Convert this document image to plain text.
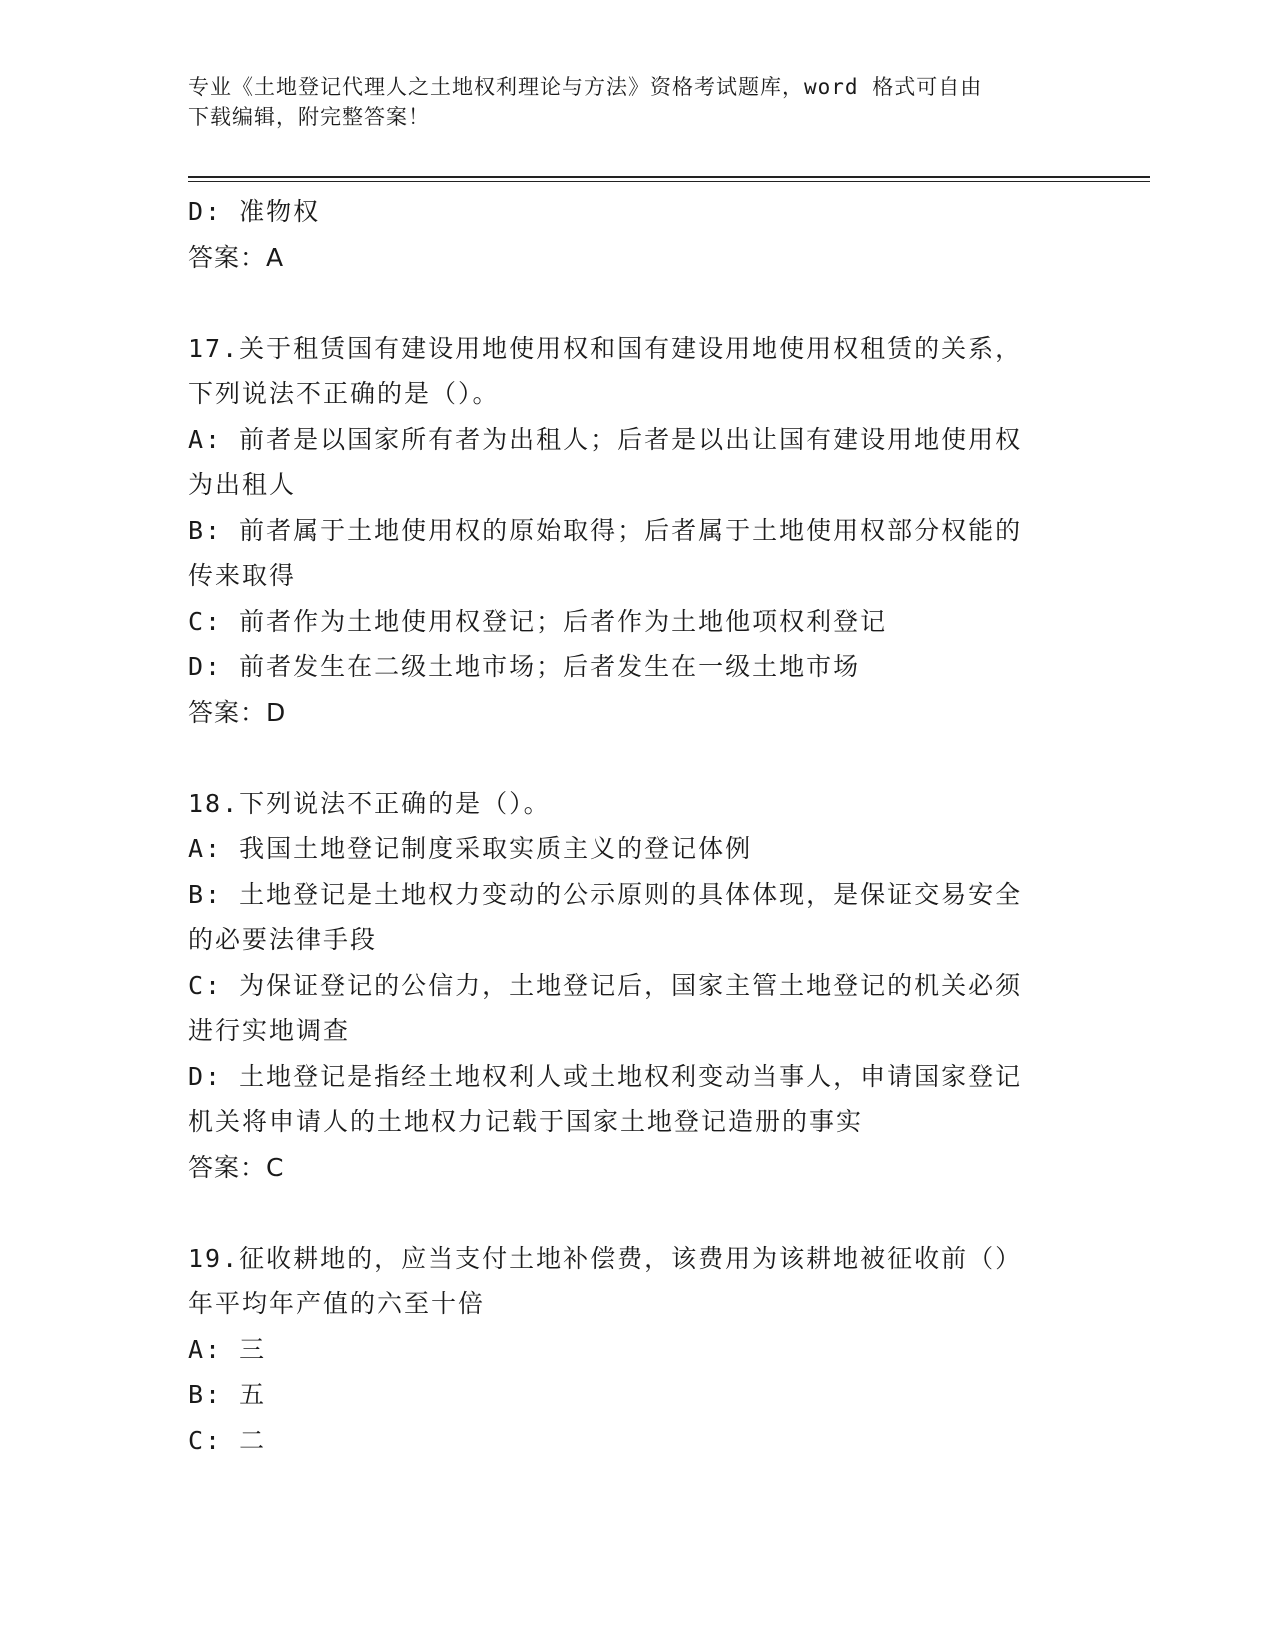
专业《土地登记代理人之土地权利理论与方法》资格考试题库，word 格式可自由
下载编辑，附完整答案！
D: 准物权
答案：A
17.关于租赁国有建设用地使用权和国有建设用地使用权租赁的关系，
下列说法不正确的是（）。
A: 前者是以国家所有者为出租人；后者是以出让国有建设用地使用权
为出租人
B: 前者属于土地使用权的原始取得；后者属于土地使用权部分权能的
传来取得
C: 前者作为土地使用权登记；后者作为土地他项权利登记
D: 前者发生在二级土地市场；后者发生在一级土地市场
答案：D
18.下列说法不正确的是（）。
A: 我国土地登记制度采取实质主义的登记体例
B: 土地登记是土地权力变动的公示原则的具体体现，是保证交易安全
的必要法律手段
C: 为保证登记的公信力，土地登记后，国家主管土地登记的机关必须
进行实地调查
D: 土地登记是指经土地权利人或土地权利变动当事人，申请国家登记
机关将申请人的土地权力记载于国家土地登记造册的事实
答案：C
19.征收耕地的，应当支付土地补偿费，该费用为该耕地被征收前（）
年平均年产值的六至十倍
A: 三
B: 五
C: 二
